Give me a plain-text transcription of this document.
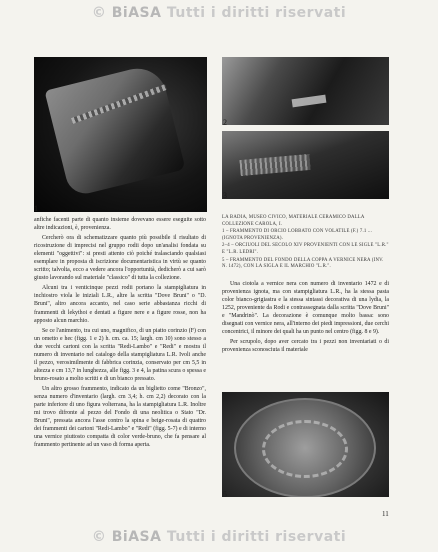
© BiASA Tutti i diritti riservati
1
2
3
5
LA BADIA, MUSEO CIVICO, MATERIALE CERAMICO DALLA COLLEZIONE CAROLA, I.
1 – FRAMMENTO DI ORCIO LOBBATO CON VOLATILE (F.) 7.1 ... (IGNOTA PROVENIENZA).
2–4 – ORCIUOLI DEL SECOLO XIV PROVENIENTI CON LE SIGLE "L.R." E "L.R. LEDRI".
5 – FRAMMENTO DEL FONDO DELLA COPPA A VERNICE NERA (INV. N. 1472), CON LA SIGLA E IL MARCHIO "L.R.".

anfiche facenti parte di quanto insieme dovevano essere eseguite sotto altre indicazioni, è, provenienza.

Cercherò ora di schematizzare quanto più possibile il risultato di ricostruzione di imprecisi nel gruppo rodii dopo un'analisi fondata su elementi "oggettivi": si presti attento ciò poiché tralasciando qualsiasi esemplare in proposta di iscrizione documentaristica in virtù se quanto scritto; talvolta, ecco a vedere ancora l'opportunità, dedicherò a cui sarò giusto lavorando sul materiale "classico" di tutta la collezione.

Alcuni tra i venticinque pezzi rodii portano la stampigliatura in inchiostro viola le iniziali L.R., altre la scritta "Dove Bruni" o "D. Bruni", altro ancora accanto, nel caso serie abbastanza ricchi di frammenti di lekythoi e dentati a figure nere e a figure rosse, non ha apposto alcun marchio.

Se ce l'animento, tra cui uno, magnifico, di un piatto corinzio (F) con un ometto e hec (figg. 1 e 2) h. cm. ca. 15; largh. cm 10) sono stesso a due vecchi cartoni con la scritta "Redi-Lambo" e "Redi" e mostra il numero di inventario nel catalogo della stampigliatura L.R. Ivoli anche il pezzo, verosimilmente di fabbrica corinzia, conservato per cm 5,5 in altezza e cm 13,7 in lunghezza, alle figg. 3 e 4, la patina scura o spessa e bruno-rosato a molto scritti e di un bianco pressato.

Un altro grosso frammento, indicato da un biglietto come "Bronzo", senza numero d'inventario (largh. cm 3,4; h. cm 2,2) decorato con la parte inferiore di uno figura volterrana, ha la stampigliatura L.R. Inoltre mi trovo difronte al pezzo del Fondo di una neolitica o Stato "Dr. Bruni", pressata ancora l'asse contro la spina e beige-rosata di quattro dei frammenti dei cartoni "Redi-Lambo" e "Redi" (figg. 5-7) e di interno una vernice piuttosto compatta di color verde-bruno, che fa pensare al frammento pertinente ad un vaso di forma aperta.

Una ciotola a vernice nera con numero di inventario 1472 e di provenienza ignota, ma con stampigliatura L.R., ha la stessa pasta color bianco-grigiastra e la stessa sintassi decorativa di una lydia, la 1252, proveniente da Rodi e contrassegnata dalla scritta "Dove Bruni" e "Mandrinò". La decorazione è comunque molto bassa: sono disegnati con vernice nera, all'interno dei piedi impressioni, due cerchi concentrici, il minore dei quali ha un punto nel centro (figg. 8 e 9).

Per scrupolo, dopo aver cercato tra i pezzi non inventariati o di provenienza sconosciuta il materiale

11
© BiASA Tutti i diritti riservati
